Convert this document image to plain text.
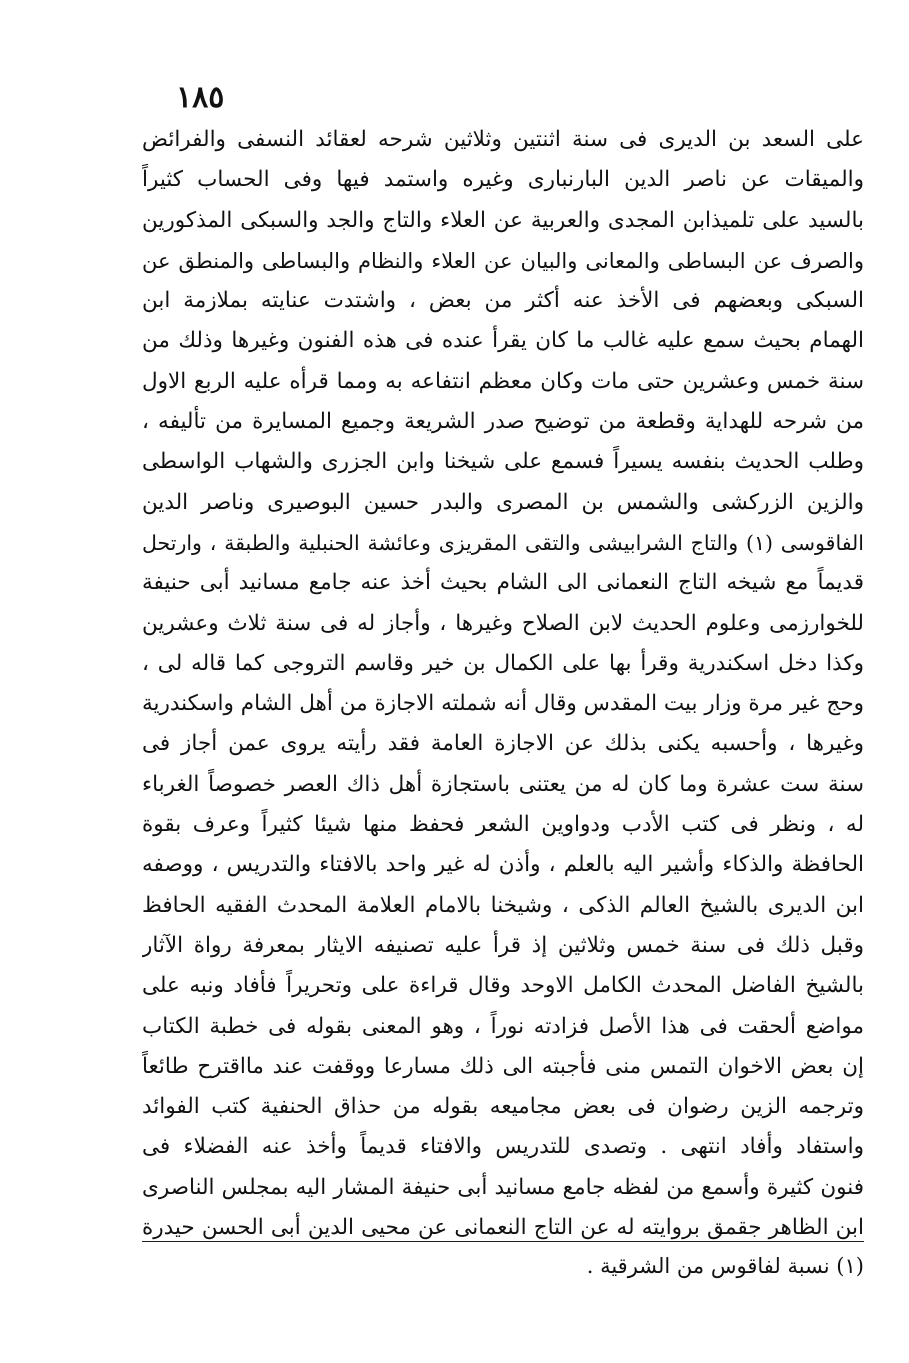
١٨٥
على السعد بن الديرى فى سنة اثنتين وثلاثين شرحه لعقائد النسفى والفرائض
والميقات عن ناصر الدين البارنبارى وغيره واستمد فيها وفى الحساب كثيراً
بالسيد على تلميذابن المجدى والعربية عن العلاء والتاج والجد والسبكى المذكورين
والصرف عن البساطى والمعانى والبيان عن العلاء والنظام والبساطى والمنطق عن
السبكى وبعضهم فى الأخذ عنه أكثر من بعض ، واشتدت عنايته بملازمة ابن
الهمام بحيث سمع عليه غالب ما كان يقرأ عنده فى هذه الفنون وغيرها وذلك من
سنة خمس وعشرين حتى مات وكان معظم انتفاعه به ومما قرأه عليه الربع الاول
من شرحه للهداية وقطعة من توضيح صدر الشريعة وجميع المسايرة من تأليفه ،
وطلب الحديث بنفسه يسيراً فسمع على شيخنا وابن الجزرى والشهاب الواسطى
والزين الزركشى والشمس بن المصرى والبدر حسين البوصيرى وناصر الدين
الفاقوسى (١) والتاج الشرابيشى والتقى المقريزى وعائشة الحنبلية والطبقة ، وارتحل
قديماً مع شيخه التاج النعمانى الى الشام بحيث أخذ عنه جامع مسانيد أبى حنيفة
للخوارزمى وعلوم الحديث لابن الصلاح وغيرها ، وأجاز له فى سنة ثلاث وعشرين
وكذا دخل اسكندرية وقرأ بها على الكمال بن خير وقاسم التروجى كما قاله لى ،
وحج غير مرة وزار بيت المقدس وقال أنه شملته الاجازة من أهل الشام واسكندرية
وغيرها ، وأحسبه يكنى بذلك عن الاجازة العامة فقد رأيته يروى عمن أجاز فى
سنة ست عشرة وما كان له من يعتنى باستجازة أهل ذاك العصر خصوصاً الغرباء
له ، ونظر فى كتب الأدب ودواوين الشعر فحفظ منها شيئا كثيراً وعرف بقوة
الحافظة والذكاء وأشير اليه بالعلم ، وأذن له غير واحد بالافتاء والتدريس ، ووصفه
ابن الديرى بالشيخ العالم الذكى ، وشيخنا بالامام العلامة المحدث الفقيه الحافظ
وقبل ذلك فى سنة خمس وثلاثين إذ قرأ عليه تصنيفه الايثار بمعرفة رواة الآثار
بالشيخ الفاضل المحدث الكامل الاوحد وقال قراءة على وتحريراً فأفاد ونبه على
مواضع ألحقت فى هذا الأصل فزادته نوراً ، وهو المعنى بقوله فى خطبة الكتاب
إن بعض الاخوان التمس منى فأجبته الى ذلك مسارعا ووقفت عند مااقترح طائعاً
وترجمه الزين رضوان فى بعض مجاميعه بقوله من حذاق الحنفية كتب الفوائد
واستفاد وأفاد انتهى . وتصدى للتدريس والافتاء قديماً وأخذ عنه الفضلاء فى
فنون كثيرة وأسمع من لفظه جامع مسانيد أبى حنيفة المشار اليه بمجلس الناصرى
ابن الظاهر جقمق بروايته له عن التاج النعمانى عن محيى الدين أبى الحسن حيدرة
(١) نسبة لفاقوس من الشرقية .
